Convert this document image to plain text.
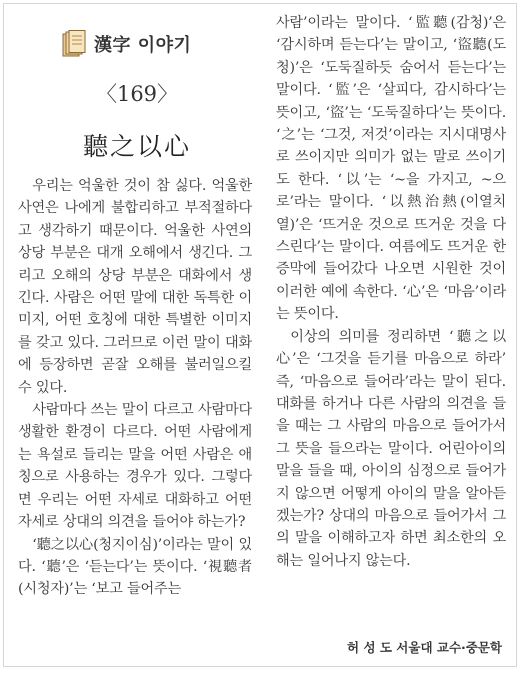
漢字 이야기
〈169〉
聽之以心

우리는 억울한 것이 참 싫다. 억울한 사연은 나에게 불합리하고 부적절하다고 생각하기 때문이다. 억울한 사연의 상당 부분은 대개 오해에서 생긴다. 그리고 오해의 상당 부분은 대화에서 생긴다. 사람은 어떤 말에 대한 독특한 이미지, 어떤 호칭에 대한 특별한 이미지를 갖고 있다. 그러므로 이런 말이 대화에 등장하면 곧잘 오해를 불러일으킬 수 있다.

사람마다 쓰는 말이 다르고 사람마다 생활한 환경이 다르다. 어떤 사람에게는 욕설로 들리는 말을 어떤 사람은 애칭으로 사용하는 경우가 있다. 그렇다면 우리는 어떤 자세로 대화하고 어떤 자세로 상대의 의견을 들어야 하는가?

‘聽之以心(청지이심)’이라는 말이 있다. ‘聽’은 ‘듣는다’는 뜻이다. ‘視聽者(시청자)’는 ‘보고 들어주는

사람’이라는 말이다. ‘監聽(감청)’은 ‘감시하며 듣는다’는 말이고, ‘盜聽(도청)’은 ‘도둑질하듯 숨어서 듣는다’는 말이다. ‘監’은 ‘살피다, 감시하다’는 뜻이고, ‘盜’는 ‘도둑질하다’는 뜻이다. ‘之’는 ‘그것, 저것’이라는 지시대명사로 쓰이지만 의미가 없는 말로 쓰이기도 한다. ‘以’는 ‘~을 가지고, ~으로’라는 말이다. ‘以熱治熱(이열치열)’은 ‘뜨거운 것으로 뜨거운 것을 다스린다’는 말이다. 여름에도 뜨거운 한증막에 들어갔다 나오면 시원한 것이 이러한 예에 속한다. ‘心’은 ‘마음’이라는 뜻이다.

이상의 의미를 정리하면 ‘聽之以心’은 ‘그것을 듣기를 마음으로 하라’ 즉, ‘마음으로 들어라’라는 말이 된다. 대화를 하거나 다른 사람의 의견을 들을 때는 그 사람의 마음으로 들어가서 그 뜻을 들으라는 말이다. 어린아이의 말을 들을 때, 아이의 심정으로 들어가지 않으면 어떻게 아이의 말을 알아듣겠는가? 상대의 마음으로 들어가서 그의 말을 이해하고자 하면 최소한의 오해는 일어나지 않는다.

허 성 도 서울대 교수·중문학
